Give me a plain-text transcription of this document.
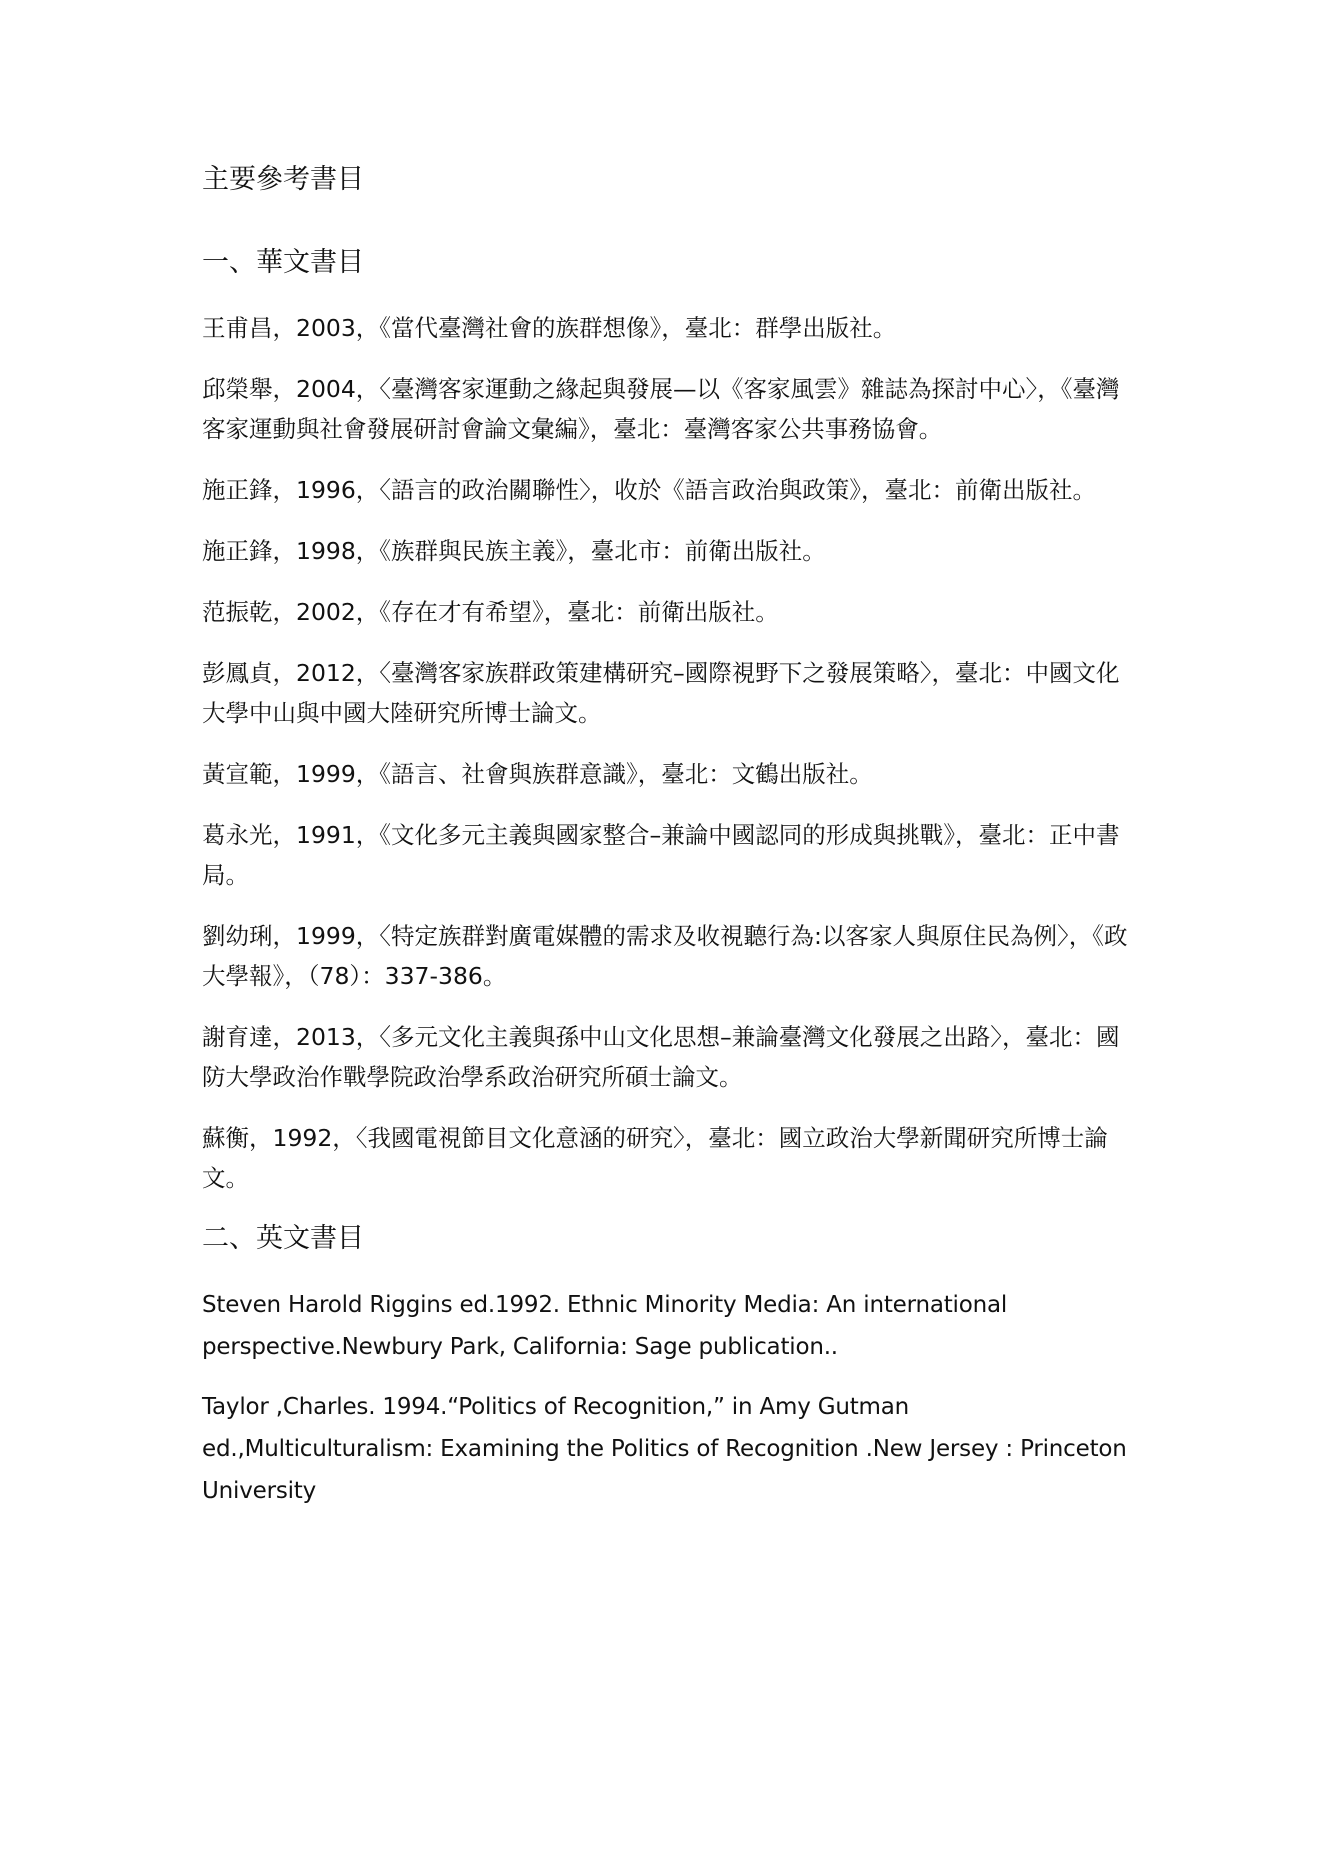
主要參考書目
一、華文書目
王甫昌，2003，《當代臺灣社會的族群想像》，臺北：群學出版社。
邱榮舉，2004，〈臺灣客家運動之緣起與發展—以《客家風雲》雜誌為探討中心〉，《臺灣客家運動與社會發展研討會論文彙編》，臺北：臺灣客家公共事務協會。
施正鋒，1996，〈語言的政治關聯性〉，收於《語言政治與政策》，臺北：前衛出版社。
施正鋒，1998，《族群與民族主義》，臺北市：前衛出版社。
范振乾，2002，《存在才有希望》，臺北：前衛出版社。
彭鳳貞，2012，〈臺灣客家族群政策建構研究–國際視野下之發展策略〉，臺北：中國文化大學中山與中國大陸研究所博士論文。
黃宣範，1999，《語言、社會與族群意識》，臺北：文鶴出版社。
葛永光，1991，《文化多元主義與國家整合–兼論中國認同的形成與挑戰》，臺北：正中書局。
劉幼琍，1999，〈特定族群對廣電媒體的需求及收視聽行為:以客家人與原住民為例〉，《政大學報》，（78）：337-386。
謝育達，2013，〈多元文化主義與孫中山文化思想–兼論臺灣文化發展之出路〉，臺北：國防大學政治作戰學院政治學系政治研究所碩士論文。
蘇衡，1992，〈我國電視節目文化意涵的研究〉，臺北：國立政治大學新聞研究所博士論文。
二、英文書目
Steven Harold Riggins ed.1992. Ethnic Minority Media: An international perspective.Newbury Park, California: Sage publication..
Taylor ,Charles. 1994.“Politics of Recognition,” in Amy Gutman ed.,Multiculturalism: Examining the Politics of Recognition .New Jersey : Princeton University
